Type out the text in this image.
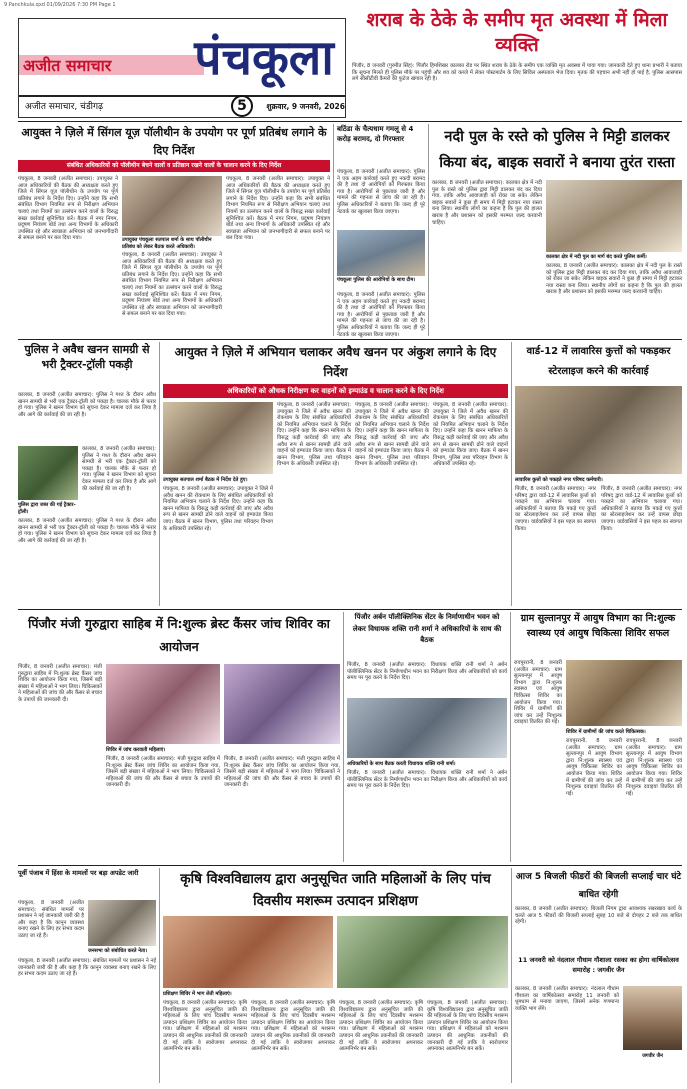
9 Panchkula.qxd 01/09/2026 7:30 PM Page 1
अजीत समाचार	पंचकूला
अजीत समाचार, चंडीगढ़	5	शुक्रवार, 9 जनवरी, 2026
शराब के ठेके के समीप मृत अवस्था में मिला व्यक्ति
पिंजौर, 8 जनवरी (गुरमीत सिंह): पिंजौर हिमशिखर कालका रोड पर स्थित शराब के ठेके के समीप एक व्यक्ति मृत अवस्था में पाया गया। जानकारी देते हुए थाना प्रभारी ने बताया कि सूचना मिलते ही पुलिस मौके पर पहुंची और शव को कब्जे में लेकर पोस्टमार्टम के लिए सिविल अस्पताल भेज दिया। मृतक की पहचान अभी नहीं हो पाई है, पुलिस आसपास लगे सीसीटीवी कैमरों की फुटेज खंगाल रही है।
आयुक्त ने ज़िले में सिंगल यूज़ पॉलीथीन के उपयोग पर पूर्ण प्रतिबंध लगाने के दिए निर्देश
संबंधित अधिकारियों को पॉलीथीन बेचने वालों व प्रतिष्ठान रखने वालों के चालान करने के दिए निर्देश
पंचकूला, 8 जनवरी (अजीत समाचार): उपायुक्त ने आज अधिकारियों की बैठक की अध्यक्षता करते हुए जिले में सिंगल यूज़ पॉलीथीन के उपयोग पर पूर्ण प्रतिबंध लगाने के निर्देश दिए। उन्होंने कहा कि सभी संबंधित विभाग नियमित रूप से निरीक्षण अभियान चलाएं तथा नियमों का उल्लंघन करने वालों के विरुद्ध सख्त कार्रवाई सुनिश्चित करें। बैठक में नगर निगम, प्रदूषण नियंत्रण बोर्ड तथा अन्य विभागों के अधिकारी उपस्थित रहे और स्वच्छता अभियान को जनभागीदारी से सफल बनाने पर बल दिया गया।	उपायुक्त पंचकूला सतपाल शर्मा के साथ पॉलीथीन प्रतिबंध को लेकर बैठक करते अधिकारी।
पंचकूला, 8 जनवरी (अजीत समाचार): उपायुक्त ने आज अधिकारियों की बैठक की अध्यक्षता करते हुए जिले में सिंगल यूज़ पॉलीथीन के उपयोग पर पूर्ण प्रतिबंध लगाने के निर्देश दिए। उन्होंने कहा कि सभी संबंधित विभाग नियमित रूप से निरीक्षण अभियान चलाएं तथा नियमों का उल्लंघन करने वालों के विरुद्ध सख्त कार्रवाई सुनिश्चित करें। बैठक में नगर निगम, प्रदूषण नियंत्रण बोर्ड तथा अन्य विभागों के अधिकारी उपस्थित रहे और स्वच्छता अभियान को जनभागीदारी से सफल बनाने पर बल दिया गया।
पंचकूला, 8 जनवरी (अजीत समाचार): उपायुक्त ने आज अधिकारियों की बैठक की अध्यक्षता करते हुए जिले में सिंगल यूज़ पॉलीथीन के उपयोग पर पूर्ण प्रतिबंध लगाने के निर्देश दिए। उन्होंने कहा कि सभी संबंधित विभाग नियमित रूप से निरीक्षण अभियान चलाएं तथा नियमों का उल्लंघन करने वालों के विरुद्ध सख्त कार्रवाई सुनिश्चित करें। बैठक में नगर निगम, प्रदूषण नियंत्रण बोर्ड तथा अन्य विभागों के अधिकारी उपस्थित रहे और स्वच्छता अभियान को जनभागीदारी से सफल बनाने पर बल दिया गया।
बठिंडा के चैत्यधाम गमलू से 4 करोड़ बरामद, दो गिरफ्तार
पंचकूला, 8 जनवरी (अजीत समाचार): पुलिस ने एक अहम कार्रवाई करते हुए नकदी बरामद की है तथा दो आरोपियों को गिरफ्तार किया गया है। आरोपियों से पूछताछ जारी है और मामले की गहनता से जांच की जा रही है। पुलिस अधिकारियों ने बताया कि जल्द ही पूरे नेटवर्क का खुलासा किया जाएगा।
पंचकूला पुलिस की आरोपियों के साथ टीम।
पंचकूला, 8 जनवरी (अजीत समाचार): पुलिस ने एक अहम कार्रवाई करते हुए नकदी बरामद की है तथा दो आरोपियों को गिरफ्तार किया गया है। आरोपियों से पूछताछ जारी है और मामले की गहनता से जांच की जा रही है। पुलिस अधिकारियों ने बताया कि जल्द ही पूरे नेटवर्क का खुलासा किया जाएगा।
नदी पुल के रस्ते को पुलिस ने मिट्टी डालकर किया बंद, बाइक सवारों ने बनाया तुरंत रास्ता
कालका, 8 जनवरी (अजीत समाचार): कालका क्षेत्र में नदी पुल के रास्ते को पुलिस द्वारा मिट्टी डालकर बंद कर दिया गया, ताकि अवैध आवाजाही को रोका जा सके। लेकिन बाइक सवारों ने कुछ ही समय में मिट्टी हटाकर नया रास्ता बना लिया। स्थानीय लोगों का कहना है कि पुल की हालत खराब है और प्रशासन को इसकी मरम्मत जल्द करवानी चाहिए।
कालका क्षेत्र में नदी पुल का मार्ग बंद करते पुलिस कर्मी।
कालका, 8 जनवरी (अजीत समाचार): कालका क्षेत्र में नदी पुल के रास्ते को पुलिस द्वारा मिट्टी डालकर बंद कर दिया गया, ताकि अवैध आवाजाही को रोका जा सके। लेकिन बाइक सवारों ने कुछ ही समय में मिट्टी हटाकर नया रास्ता बना लिया। स्थानीय लोगों का कहना है कि पुल की हालत खराब है और प्रशासन को इसकी मरम्मत जल्द करवानी चाहिए।
पुलिस ने अवैध खनन सामग्री से भरी ट्रैक्टर-ट्रॉली पकड़ी
कालका, 8 जनवरी (अजीत समाचार): पुलिस ने गश्त के दौरान अवैध खनन सामग्री से भरी एक ट्रैक्टर-ट्रॉली को पकड़ा है। चालक मौके से फरार हो गया। पुलिस ने खनन विभाग को सूचना देकर मामला दर्ज कर लिया है और आगे की कार्रवाई की जा रही है।
पुलिस द्वारा जब्त की गई ट्रैक्टर-ट्रॉली।
कालका, 8 जनवरी (अजीत समाचार): पुलिस ने गश्त के दौरान अवैध खनन सामग्री से भरी एक ट्रैक्टर-ट्रॉली को पकड़ा है। चालक मौके से फरार हो गया। पुलिस ने खनन विभाग को सूचना देकर मामला दर्ज कर लिया है और आगे की कार्रवाई की जा रही है।
कालका, 8 जनवरी (अजीत समाचार): पुलिस ने गश्त के दौरान अवैध खनन सामग्री से भरी एक ट्रैक्टर-ट्रॉली को पकड़ा है। चालक मौके से फरार हो गया। पुलिस ने खनन विभाग को सूचना देकर मामला दर्ज कर लिया है और आगे की कार्रवाई की जा रही है।
आयुक्त ने ज़िले में अभियान चलाकर अवैध खनन पर अंकुश लगाने के दिए निर्देश
अधिकारियों को औचक निरीक्षण कर वाहनों को इम्पाउंड व चालान करने के दिए निर्देश
उपायुक्त सतपाल शर्मा बैठक में निर्देश देते हुए।
पंचकूला, 8 जनवरी (अजीत समाचार): उपायुक्त ने जिले में अवैध खनन की रोकथाम के लिए संबंधित अधिकारियों को नियमित अभियान चलाने के निर्देश दिए। उन्होंने कहा कि खनन माफिया के विरुद्ध कड़ी कार्रवाई की जाए और अवैध रूप से खनन सामग्री ढोने वाले वाहनों को इम्पाउंड किया जाए। बैठक में खनन विभाग, पुलिस तथा परिवहन विभाग के अधिकारी उपस्थित रहे।
पंचकूला, 8 जनवरी (अजीत समाचार): उपायुक्त ने जिले में अवैध खनन की रोकथाम के लिए संबंधित अधिकारियों को नियमित अभियान चलाने के निर्देश दिए। उन्होंने कहा कि खनन माफिया के विरुद्ध कड़ी कार्रवाई की जाए और अवैध रूप से खनन सामग्री ढोने वाले वाहनों को इम्पाउंड किया जाए। बैठक में खनन विभाग, पुलिस तथा परिवहन विभाग के अधिकारी उपस्थित रहे।
पंचकूला, 8 जनवरी (अजीत समाचार): उपायुक्त ने जिले में अवैध खनन की रोकथाम के लिए संबंधित अधिकारियों को नियमित अभियान चलाने के निर्देश दिए। उन्होंने कहा कि खनन माफिया के विरुद्ध कड़ी कार्रवाई की जाए और अवैध रूप से खनन सामग्री ढोने वाले वाहनों को इम्पाउंड किया जाए। बैठक में खनन विभाग, पुलिस तथा परिवहन विभाग के अधिकारी उपस्थित रहे।
पंचकूला, 8 जनवरी (अजीत समाचार): उपायुक्त ने जिले में अवैध खनन की रोकथाम के लिए संबंधित अधिकारियों को नियमित अभियान चलाने के निर्देश दिए। उन्होंने कहा कि खनन माफिया के विरुद्ध कड़ी कार्रवाई की जाए और अवैध रूप से खनन सामग्री ढोने वाले वाहनों को इम्पाउंड किया जाए। बैठक में खनन विभाग, पुलिस तथा परिवहन विभाग के अधिकारी उपस्थित रहे।
वार्ड-12 में लावारिस कुत्तों को पकड़कर स्टेरलाइज करने की कार्रवाई
लावारिस कुत्तों को पकड़ते नगर परिषद कर्मचारी।
पिंजौर, 8 जनवरी (अजीत समाचार): नगर परिषद द्वारा वार्ड-12 में लावारिस कुत्तों को पकड़ने का अभियान चलाया गया। अधिकारियों ने बताया कि पकड़े गए कुत्तों का स्टेरलाइजेशन कर उन्हें वापस छोड़ा जाएगा। वार्डवासियों ने इस पहल का स्वागत किया।
पिंजौर, 8 जनवरी (अजीत समाचार): नगर परिषद द्वारा वार्ड-12 में लावारिस कुत्तों को पकड़ने का अभियान चलाया गया। अधिकारियों ने बताया कि पकड़े गए कुत्तों का स्टेरलाइजेशन कर उन्हें वापस छोड़ा जाएगा। वार्डवासियों ने इस पहल का स्वागत किया।
पिंजौर मंजी गुरुद्वारा साहिब में नि:शुल्क ब्रेस्ट कैंसर जांच शिविर का आयोजन
पिंजौर, 8 जनवरी (अजीत समाचार): मंजी गुरुद्वारा साहिब में नि:शुल्क ब्रेस्ट कैंसर जांच शिविर का आयोजन किया गया, जिसमें बड़ी संख्या में महिलाओं ने भाग लिया। चिकित्सकों ने महिलाओं की जांच की और कैंसर से बचाव के उपायों की जानकारी दी।
शिविर में जांच करवाती महिलाएं।
पिंजौर, 8 जनवरी (अजीत समाचार): मंजी गुरुद्वारा साहिब में नि:शुल्क ब्रेस्ट कैंसर जांच शिविर का आयोजन किया गया, जिसमें बड़ी संख्या में महिलाओं ने भाग लिया। चिकित्सकों ने महिलाओं की जांच की और कैंसर से बचाव के उपायों की जानकारी दी।
पिंजौर, 8 जनवरी (अजीत समाचार): मंजी गुरुद्वारा साहिब में नि:शुल्क ब्रेस्ट कैंसर जांच शिविर का आयोजन किया गया, जिसमें बड़ी संख्या में महिलाओं ने भाग लिया। चिकित्सकों ने महिलाओं की जांच की और कैंसर से बचाव के उपायों की जानकारी दी।
पिंजौर अर्बन पॉलीक्लिनिक सेंटर के निर्माणाधीन भवन को लेकर विधायक शक्ति रानी शर्मा ने अधिकारियों के साथ की बैठक
पिंजौर, 8 जनवरी (अजीत समाचार): विधायक शक्ति रानी शर्मा ने अर्बन पॉलीक्लिनिक सेंटर के निर्माणाधीन भवन का निरीक्षण किया और अधिकारियों को कार्य समय पर पूरा करने के निर्देश दिए।
अधिकारियों के साथ बैठक करती विधायक शक्ति रानी शर्मा।
पिंजौर, 8 जनवरी (अजीत समाचार): विधायक शक्ति रानी शर्मा ने अर्बन पॉलीक्लिनिक सेंटर के निर्माणाधीन भवन का निरीक्षण किया और अधिकारियों को कार्य समय पर पूरा करने के निर्देश दिए।
ग्राम सुल्तानपुर में आयुष विभाग का नि:शुल्क स्वास्थ्य एवं आयुष चिकित्सा शिविर सफल
रायपुररानी, 8 जनवरी (अजीत समाचार): ग्राम सुल्तानपुर में आयुष विभाग द्वारा नि:शुल्क स्वास्थ्य एवं आयुष चिकित्सा शिविर का आयोजन किया गया। शिविर में ग्रामीणों की जांच कर उन्हें निःशुल्क दवाइयां वितरित की गईं।
शिविर में ग्रामीणों की जांच करते चिकित्सक।
रायपुररानी, 8 जनवरी (अजीत समाचार): ग्राम सुल्तानपुर में आयुष विभाग द्वारा नि:शुल्क स्वास्थ्य एवं आयुष चिकित्सा शिविर का आयोजन किया गया। शिविर में ग्रामीणों की जांच कर उन्हें निःशुल्क दवाइयां वितरित की गईं।
रायपुररानी, 8 जनवरी (अजीत समाचार): ग्राम सुल्तानपुर में आयुष विभाग द्वारा नि:शुल्क स्वास्थ्य एवं आयुष चिकित्सा शिविर का आयोजन किया गया। शिविर में ग्रामीणों की जांच कर उन्हें निःशुल्क दवाइयां वितरित की गईं।
पूर्वी पंजाब में हिंसा के मामलों पर बड़ा अपडेट जारी
पंचकूला, 8 जनवरी (अजीत समाचार): संबंधित मामलों पर प्रशासन ने नई जानकारी जारी की है और कहा है कि कानून व्यवस्था बनाए रखने के लिए हर संभव कदम उठाए जा रहे हैं।
जनसभा को संबोधित करते नेता।
पंचकूला, 8 जनवरी (अजीत समाचार): संबंधित मामलों पर प्रशासन ने नई जानकारी जारी की है और कहा है कि कानून व्यवस्था बनाए रखने के लिए हर संभव कदम उठाए जा रहे हैं।
कृषि विश्वविद्यालय द्वारा अनुसूचित जाति महिलाओं के लिए पांच दिवसीय मशरूम उत्पादन प्रशिक्षण
प्रशिक्षण शिविर में भाग लेती महिलाएं।
पंचकूला, 8 जनवरी (अजीत समाचार): कृषि विश्वविद्यालय द्वारा अनुसूचित जाति की महिलाओं के लिए पांच दिवसीय मशरूम उत्पादन प्रशिक्षण शिविर का आयोजन किया गया। प्रशिक्षण में महिलाओं को मशरूम उत्पादन की आधुनिक तकनीकों की जानकारी दी गई ताकि वे स्वरोजगार अपनाकर आत्मनिर्भर बन सकें।
पंचकूला, 8 जनवरी (अजीत समाचार): कृषि विश्वविद्यालय द्वारा अनुसूचित जाति की महिलाओं के लिए पांच दिवसीय मशरूम उत्पादन प्रशिक्षण शिविर का आयोजन किया गया। प्रशिक्षण में महिलाओं को मशरूम उत्पादन की आधुनिक तकनीकों की जानकारी दी गई ताकि वे स्वरोजगार अपनाकर आत्मनिर्भर बन सकें।
पंचकूला, 8 जनवरी (अजीत समाचार): कृषि विश्वविद्यालय द्वारा अनुसूचित जाति की महिलाओं के लिए पांच दिवसीय मशरूम उत्पादन प्रशिक्षण शिविर का आयोजन किया गया। प्रशिक्षण में महिलाओं को मशरूम उत्पादन की आधुनिक तकनीकों की जानकारी दी गई ताकि वे स्वरोजगार अपनाकर आत्मनिर्भर बन सकें।
पंचकूला, 8 जनवरी (अजीत समाचार): कृषि विश्वविद्यालय द्वारा अनुसूचित जाति की महिलाओं के लिए पांच दिवसीय मशरूम उत्पादन प्रशिक्षण शिविर का आयोजन किया गया। प्रशिक्षण में महिलाओं को मशरूम उत्पादन की आधुनिक तकनीकों की जानकारी दी गई ताकि वे स्वरोजगार अपनाकर आत्मनिर्भर बन सकें।
आज 5 बिजली फीडरों की बिजली सप्लाई चार घंटे बाधित रहेगी
कालका, 8 जनवरी (अजीत समाचार): बिजली निगम द्वारा आवश्यक रखरखाव कार्य के चलते आज 5 फीडरों की बिजली सप्लाई सुबह 10 बजे से दोपहर 2 बजे तक बाधित रहेगी।
11 जनवरी को नंदलाल गौधाम गौशाला रसका का होगा वार्षिकोत्सव समारोह : जगवीर जैन
कालका, 8 जनवरी (अजीत समाचार): नंदलाल गौधाम गौशाला का वार्षिकोत्सव समारोह 11 जनवरी को धूमधाम से मनाया जाएगा, जिसमें अनेक गणमान्य व्यक्ति भाग लेंगे।
जगवीर जैन
